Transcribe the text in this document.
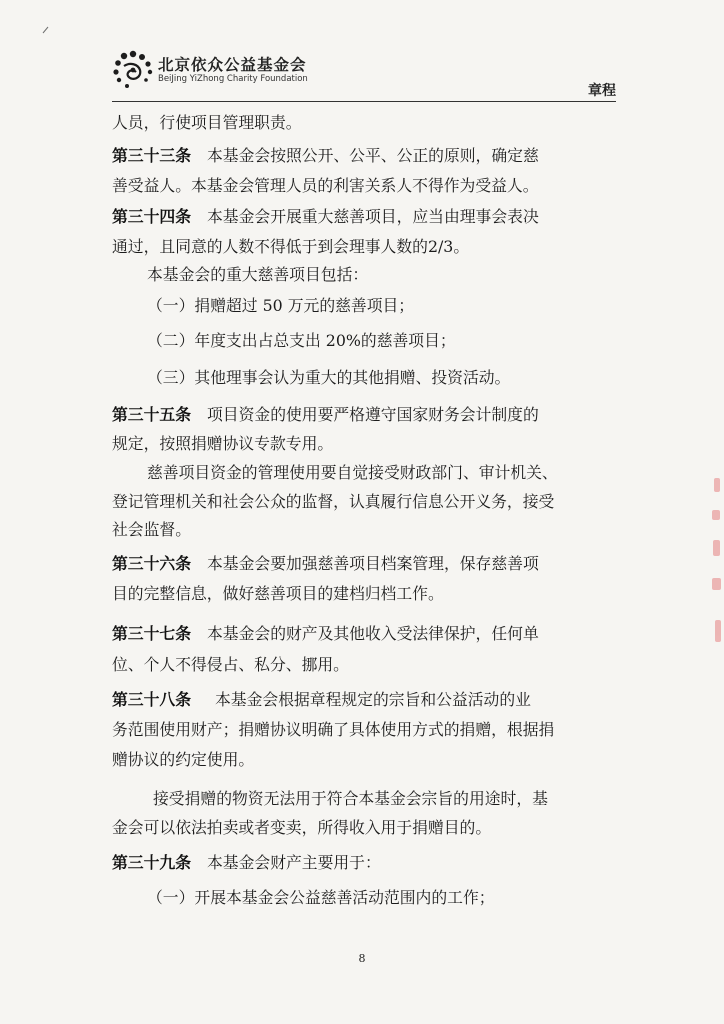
北京依众公益基金会
BeiJing YiZhong Charity Foundation
章程
人员，行使项目管理职责。
第三十三条 本基金会按照公开、公平、公正的原则，确定慈
善受益人。本基金会管理人员的利害关系人不得作为受益人。
第三十四条 本基金会开展重大慈善项目，应当由理事会表决
通过，且同意的人数不得低于到会理事人数的2/3。
本基金会的重大慈善项目包括：
（一）捐赠超过 50 万元的慈善项目；
（二）年度支出占总支出 20%的慈善项目；
（三）其他理事会认为重大的其他捐赠、投资活动。
第三十五条 项目资金的使用要严格遵守国家财务会计制度的
规定，按照捐赠协议专款专用。
慈善项目资金的管理使用要自觉接受财政部门、审计机关、
登记管理机关和社会公众的监督，认真履行信息公开义务，接受
社会监督。
第三十六条 本基金会要加强慈善项目档案管理，保存慈善项
目的完整信息，做好慈善项目的建档归档工作。
第三十七条 本基金会的财产及其他收入受法律保护，任何单
位、个人不得侵占、私分、挪用。
第三十八条 本基金会根据章程规定的宗旨和公益活动的业
务范围使用财产；捐赠协议明确了具体使用方式的捐赠，根据捐
赠协议的约定使用。
接受捐赠的物资无法用于符合本基金会宗旨的用途时，基
金会可以依法拍卖或者变卖，所得收入用于捐赠目的。
第三十九条 本基金会财产主要用于：
（一）开展本基金会公益慈善活动范围内的工作；
8
